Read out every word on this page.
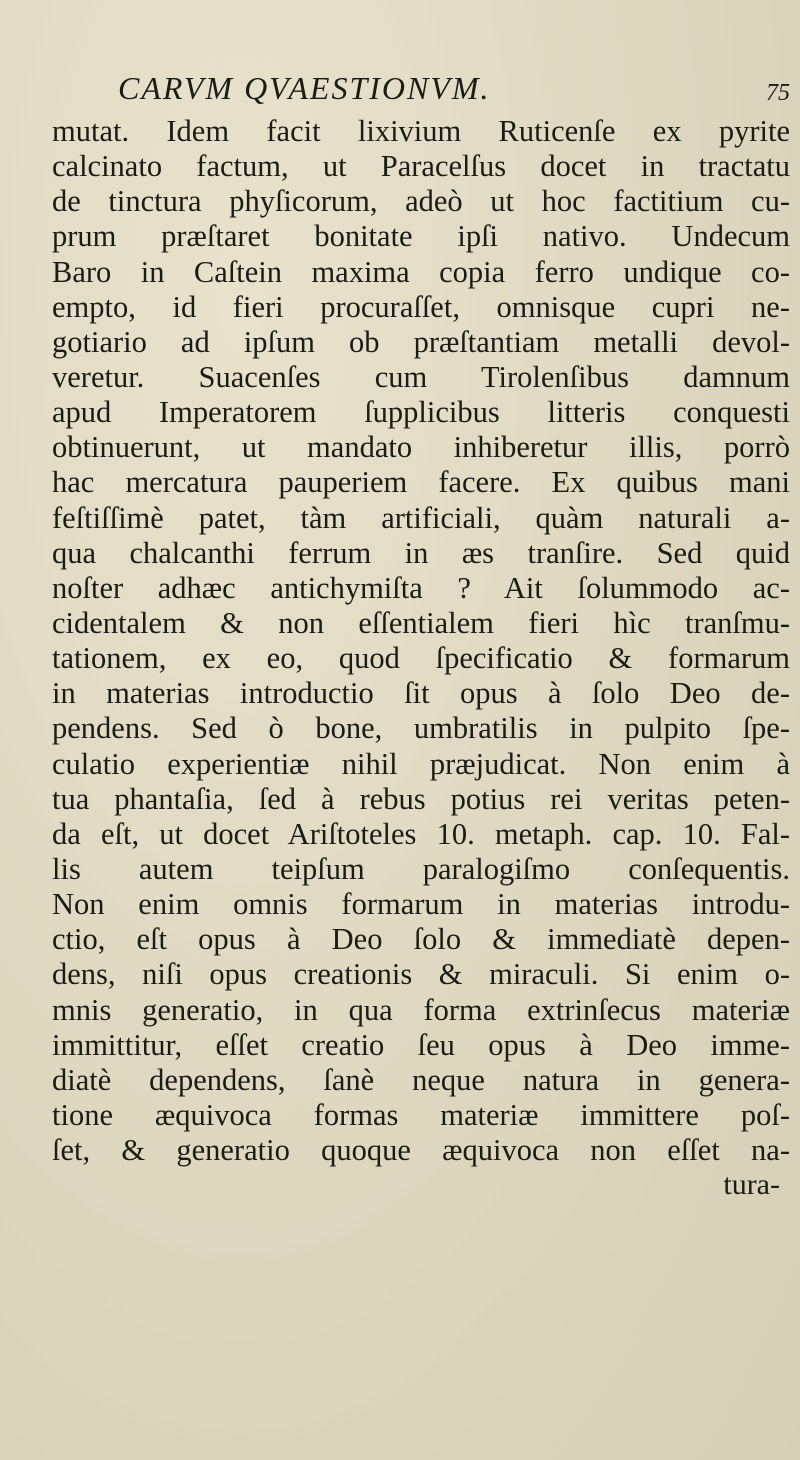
CARVM QVAESTIONVM.	75
mutat. Idem facit lixivium Ruticenſe ex pyrite
calcinato factum, ut Paracelſus docet in tractatu
de tinctura phyſicorum, adeò ut hoc factitium cu-
prum præſtaret bonitate ipſi nativo. Undecum
Baro in Caſtein maxima copia ferro undique co-
empto, id fieri procuraſſet, omnisque cupri ne-
gotiario ad ipſum ob præſtantiam metalli devol-
veretur. Suacenſes cum Tirolenſibus damnum
apud Imperatorem ſupplicibus litteris conquesti
obtinuerunt, ut mandato inhiberetur illis, porrò
hac mercatura pauperiem facere. Ex quibus mani
feſtiſſimè patet, tàm artificiali, quàm naturali a-
qua chalcanthi ferrum in æs tranſire. Sed quid
noſter adhæc antichymiſta ? Ait ſolummodo ac-
cidentalem & non eſſentialem fieri hìc tranſmu-
tationem, ex eo, quod ſpecificatio & formarum
in materias introductio ſit opus à ſolo Deo de-
pendens. Sed ò bone, umbratilis in pulpito ſpe-
culatio experientiæ nihil præjudicat. Non enim à
tua phantaſia, ſed à rebus potius rei veritas peten-
da eſt, ut docet Ariſtoteles 10. metaph. cap. 10. Fal-
lis autem teipſum paralogiſmo conſequentis.
Non enim omnis formarum in materias introdu-
ctio, eſt opus à Deo ſolo & immediatè depen-
dens, niſi opus creationis & miraculi. Si enim o-
mnis generatio, in qua forma extrinſecus materiæ
immittitur, eſſet creatio ſeu opus à Deo imme-
diatè dependens, ſanè neque natura in genera-
tione æquivoca formas materiæ immittere poſ-
ſet, & generatio quoque æquivoca non eſſet na-
tura-
